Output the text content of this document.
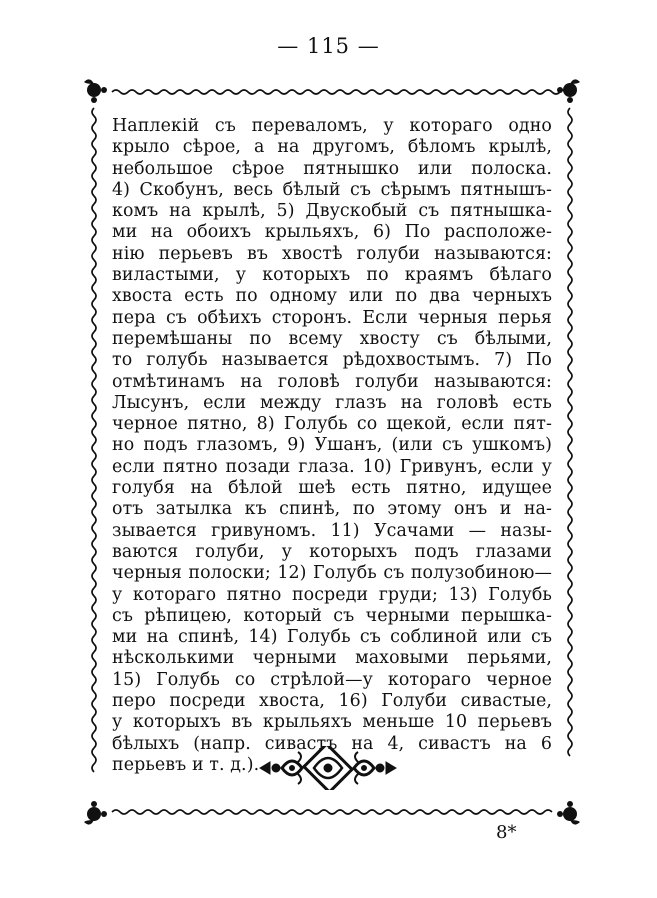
— 115 —
Наплекій съ переваломъ, у котораго одно
крыло сѣрое, а на другомъ, бѣломъ крылѣ,
небольшое сѣрое пятнышко или полоска.
4) Скобунъ, весь бѣлый съ сѣрымъ пятнышъ-
комъ на крылѣ, 5) Двускобый съ пятнышка-
ми на обоихъ крыльяхъ, 6) По расположе-
нію перьевъ въ хвостѣ голуби называются:
виластыми, у которыхъ по краямъ бѣлаго
хвоста есть по одному или по два черныхъ
пера съ обѣихъ сторонъ. Если черныя перья
перемѣшаны по всему хвосту съ бѣлыми,
то голубь называется рѣдохвостымъ. 7) По
отмѣтинамъ на головѣ голуби называются:
Лысунъ, если между глазъ на головѣ есть
черное пятно, 8) Голубь со щекой, если пят-
но подъ глазомъ, 9) Ушанъ, (или съ ушкомъ)
если пятно позади глаза. 10) Гривунъ, если у
голубя на бѣлой шеѣ есть пятно, идущее
отъ затылка къ спинѣ, по этому онъ и на-
зывается гривуномъ. 11) Усачами — назы-
ваются голуби, у которыхъ подъ глазами
черныя полоски; 12) Голубь съ полузобиною—
у котораго пятно посреди груди; 13) Голубь
съ рѣпицею, который съ черными перышка-
ми на спинѣ, 14) Голубь съ соблиной или съ
нѣсколькими черными маховыми перьями,
15) Голубь со стрѣлой—у котораго черное
перо посреди хвоста, 16) Голуби сивастые,
у которыхъ въ крыльяхъ меньше 10 перьевъ
бѣлыхъ (напр. сивастъ на 4, сивастъ на 6
перьевъ и т. д.).
8*
